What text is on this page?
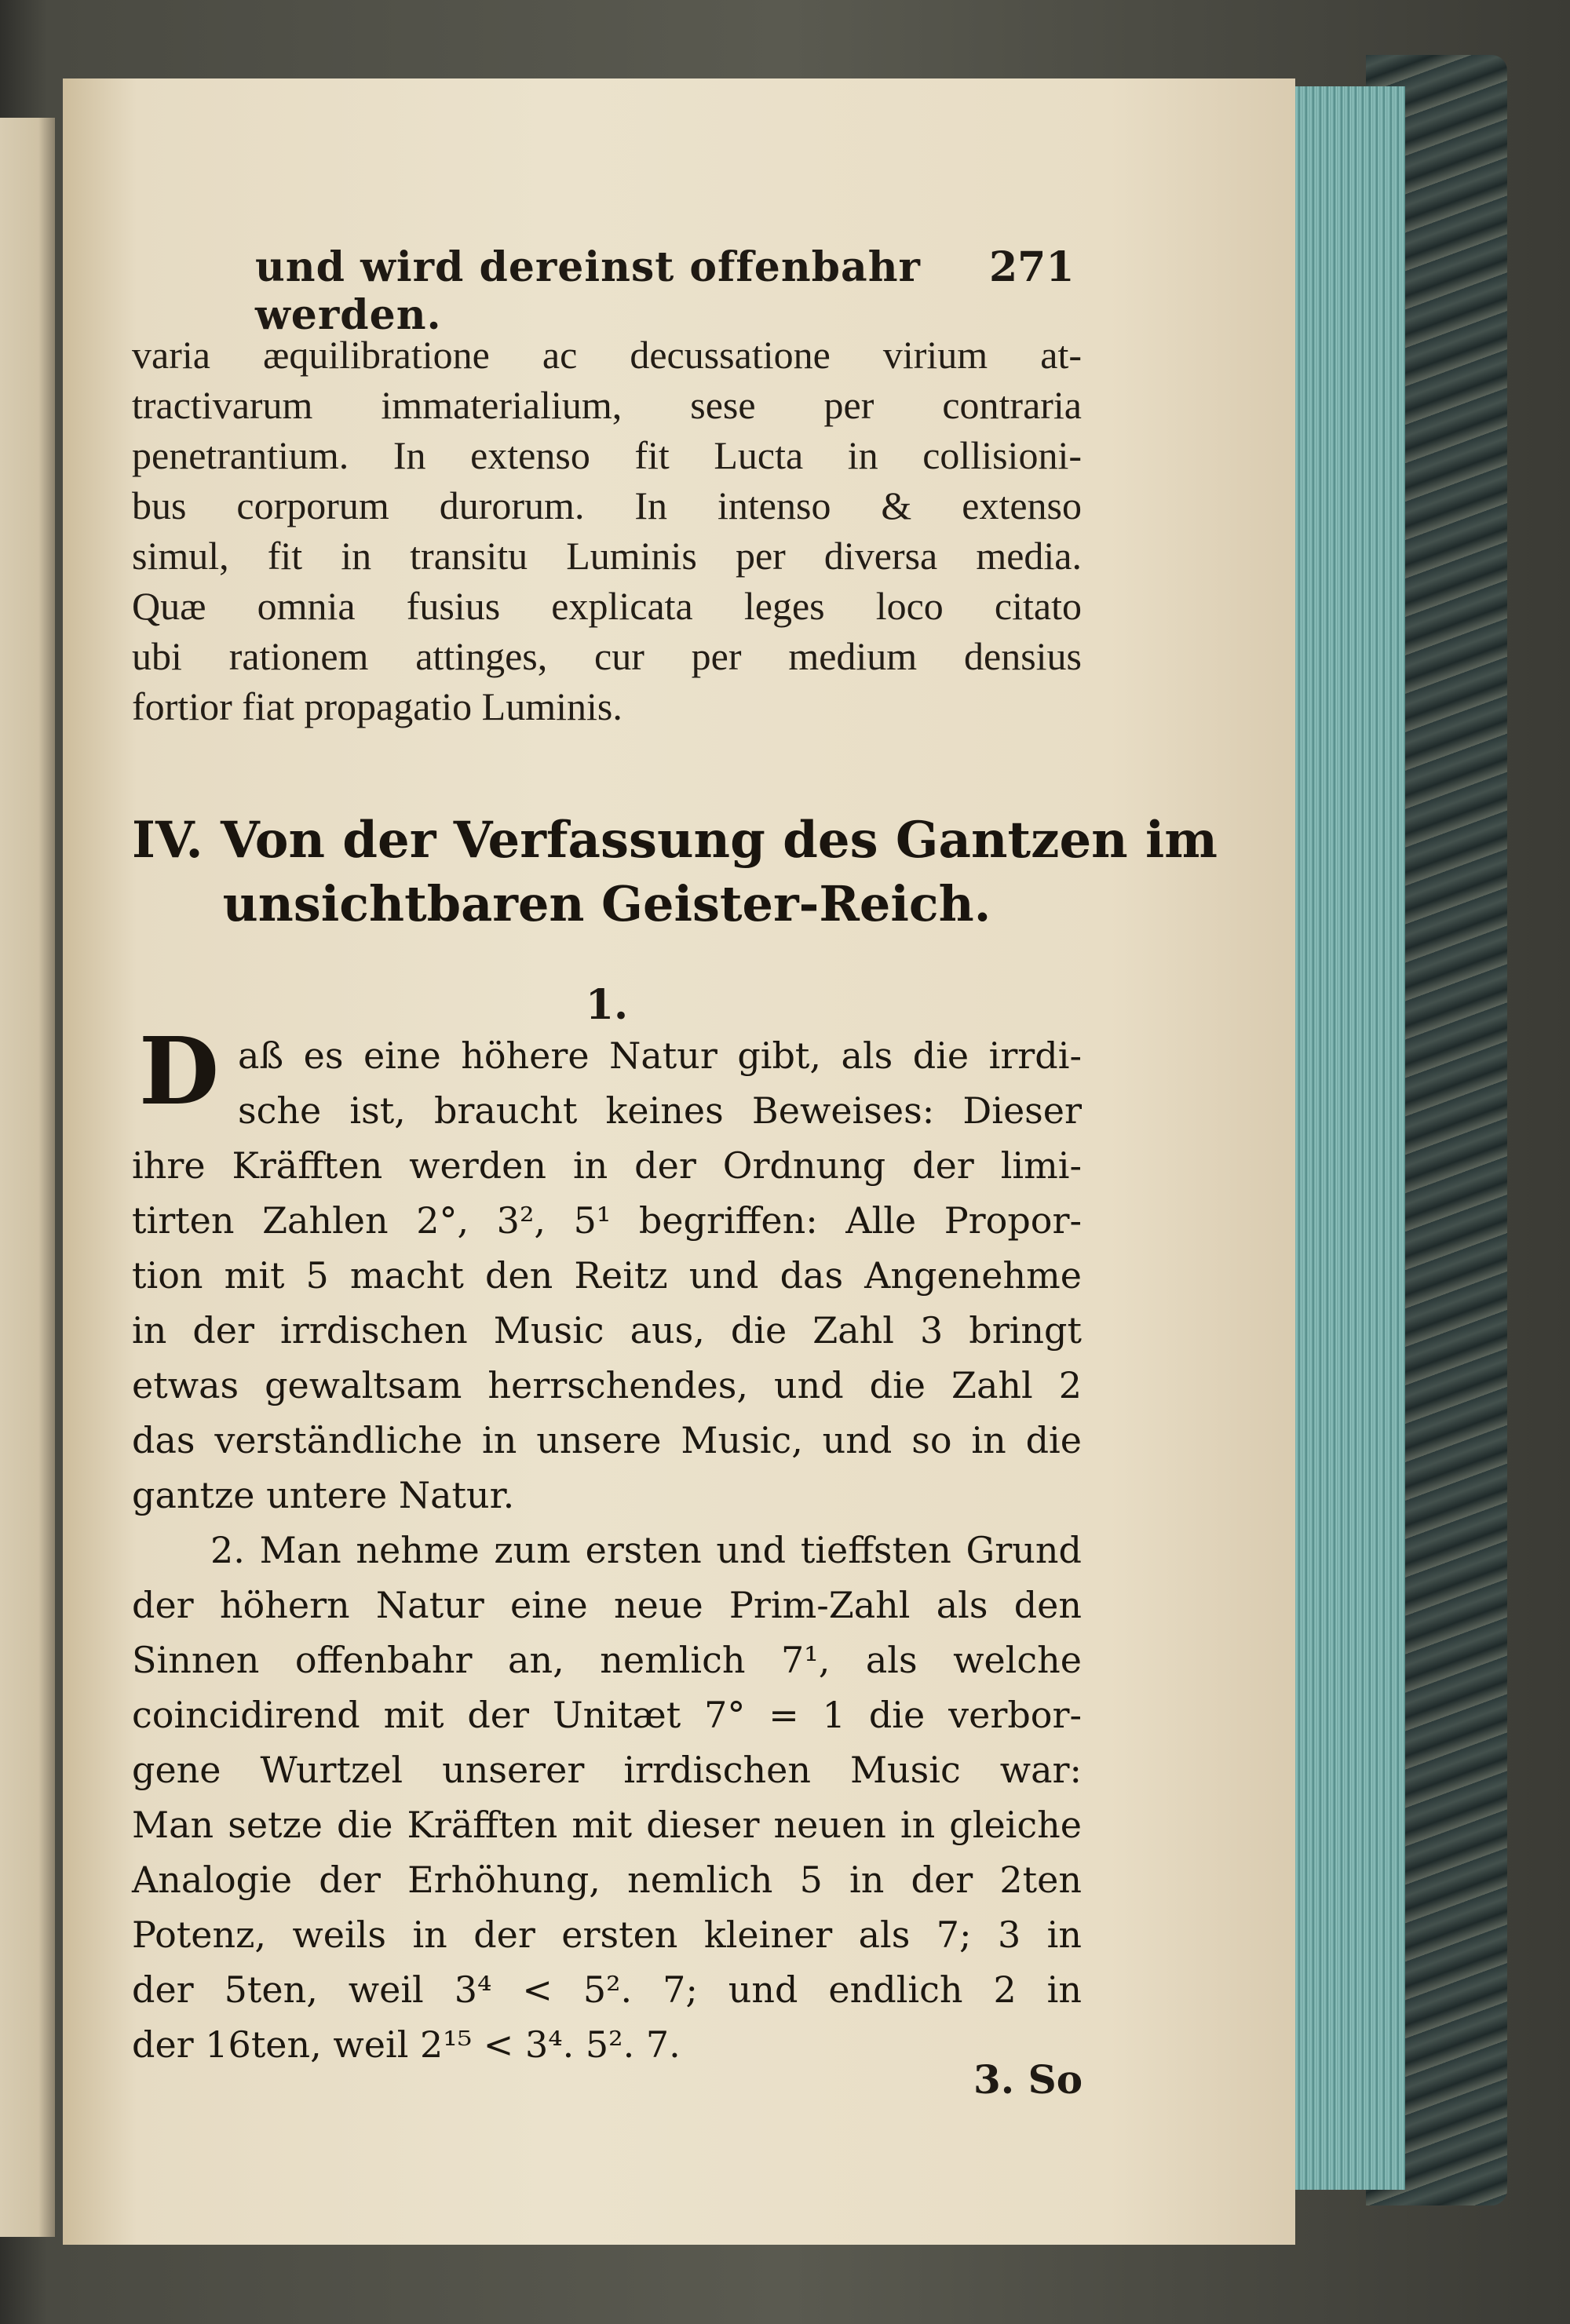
und wird dereinst offenbahr werden.
271
varia æquilibratione ac decussatione virium at-
tractivarum immaterialium, sese per contraria
penetrantium. In extenso fit Lucta in collisioni-
bus corporum durorum. In intenso & extenso
simul, fit in transitu Luminis per diversa media.
Quæ omnia fusius explicata leges loco citato
ubi rationem attinges, cur per medium densius
fortior fiat propagatio Luminis.
IV. Von der Verfassung des Gantzen im
unsichtbaren Geister-Reich.
1.
D aß es eine höhere Natur gibt, als die irrdi-
sche ist, braucht keines Beweises: Dieser
ihre Kräfften werden in der Ordnung der limi-
tirten Zahlen 2°, 3², 5¹ begriffen: Alle Propor-
tion mit 5 macht den Reitz und das Angenehme
in der irrdischen Music aus, die Zahl 3 bringt
etwas gewaltsam herrschendes, und die Zahl 2
das verständliche in unsere Music, und so in die
gantze untere Natur.
2. Man nehme zum ersten und tieffsten Grund
der höhern Natur eine neue Prim-Zahl als den
Sinnen offenbahr an, nemlich 7¹, als welche
coincidirend mit der Unitæt 7° = 1 die verbor-
gene Wurtzel unserer irrdischen Music war:
Man setze die Kräfften mit dieser neuen in gleiche
Analogie der Erhöhung, nemlich 5 in der 2ten
Potenz, weils in der ersten kleiner als 7; 3 in
der 5ten, weil 3⁴ < 5². 7; und endlich 2 in
der 16ten, weil 2¹⁵ < 3⁴. 5². 7.
3. So
